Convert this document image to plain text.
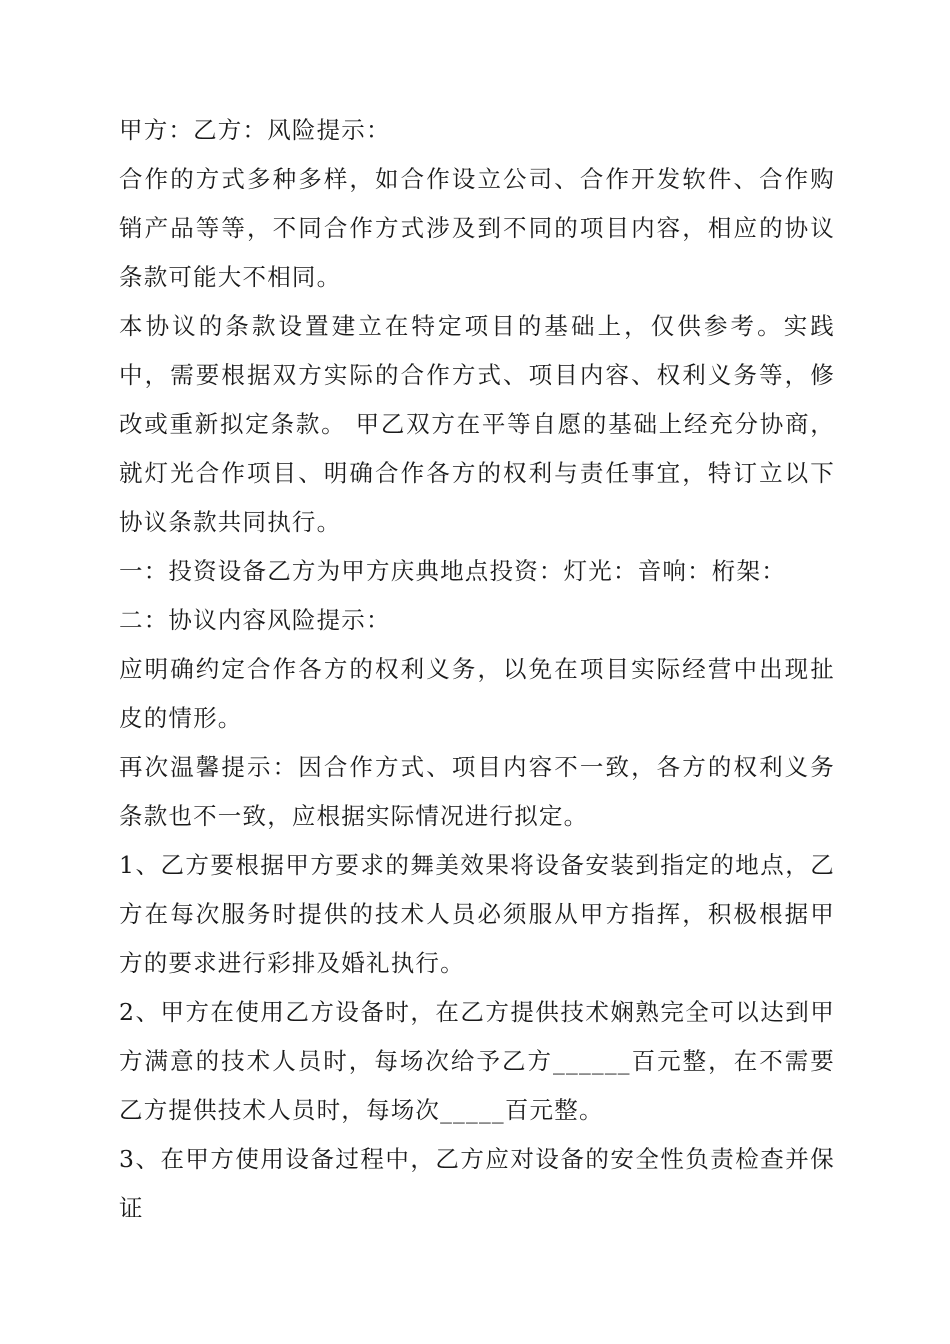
甲方：乙方：风险提示：

合作的方式多种多样，如合作设立公司、合作开发软件、合作购销产品等等，不同合作方式涉及到不同的项目内容，相应的协议条款可能大不相同。

本协议的条款设置建立在特定项目的基础上，仅供参考。实践中，需要根据双方实际的合作方式、项目内容、权利义务等，修改或重新拟定条款。 甲乙双方在平等自愿的基础上经充分协商，就灯光合作项目、明确合作各方的权利与责任事宜，特订立以下协议条款共同执行。

一：投资设备乙方为甲方庆典地点投资：灯光：音响：桁架：

二：协议内容风险提示：

应明确约定合作各方的权利义务，以免在项目实际经营中出现扯皮的情形。

再次温馨提示：因合作方式、项目内容不一致，各方的权利义务条款也不一致，应根据实际情况进行拟定。

1、乙方要根据甲方要求的舞美效果将设备安装到指定的地点，乙方在每次服务时提供的技术人员必须服从甲方指挥，积极根据甲方的要求进行彩排及婚礼执行。

2、甲方在使用乙方设备时，在乙方提供技术娴熟完全可以达到甲方满意的技术人员时，每场次给予乙方______百元整，在不需要乙方提供技术人员时，每场次_____百元整。

3、在甲方使用设备过程中，乙方应对设备的安全性负责检查并保证
